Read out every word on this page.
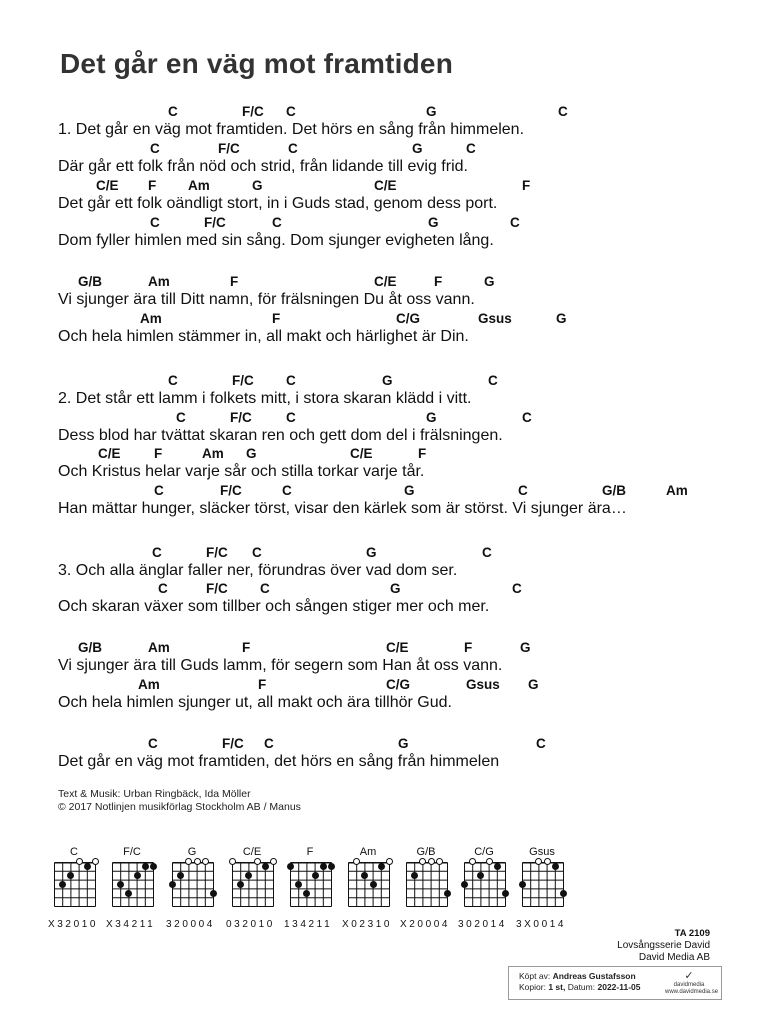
Det går en väg mot framtiden
C	F/C C	G	C
1. Det går en väg mot framtiden. Det hörs en sång från himmelen.
C	F/C	C	G	C
Där går ett folk från nöd och strid, från lidande till evig frid.
C/E F Am	G	C/E	F
Det går ett folk oändligt stort, in i Guds stad, genom dess port.
C	F/C	C	G	C
Dom fyller himlen med sin sång. Dom sjunger evigheten lång.
G/B	Am	F	C/E	F	G
Vi sjunger ära till Ditt namn, för frälsningen Du åt oss vann.
Am	F	C/G	Gsus	G
Och hela himlen stämmer in, all makt och härlighet är Din.
C	F/C C	G	C
2. Det står ett lamm i folkets mitt, i stora skaran klädd i vitt.
C	F/C	C	G	C
Dess blod har tvättat skaran ren och gett dom del i frälsningen.
C/E F	Am G	C/E	F
Och Kristus helar varje sår och stilla torkar varje tår.
C	F/C	C	G	C	G/B	Am
Han mättar hunger, släcker törst, visar den kärlek som är störst. Vi sjunger ära…
C	F/C C	G	C
3. Och alla änglar faller ner, förundras över vad dom ser.
C	F/C C	G	C
Och skaran växer som tillber och sången stiger mer och mer.
G/B	Am	F	C/E	F	G
Vi sjunger ära till Guds lamm, för segern som Han åt oss vann.
Am	F	C/G	Gsus G
Och hela himlen sjunger ut, all makt och ära tillhör Gud.
C	F/C C	G	C
Det går en väg mot framtiden, det hörs en sång från himmelen
Text & Musik: Urban Ringbäck, Ida Möller
© 2017 Notlinjen musikförlag Stockholm AB / Manus
C
X32010
F/C
X34211
G
320004
C/E
032010
F
134211
Am
X02310
G/B
X20004
C/G
302014
Gsus
3X0014
TA 2109
Lovsångsserie David
David Media AB
Köpt av: Andreas Gustafsson
Kopior: 1 st, Datum: 2022-11-05
✓
davidmedia
www.davidmedia.se
